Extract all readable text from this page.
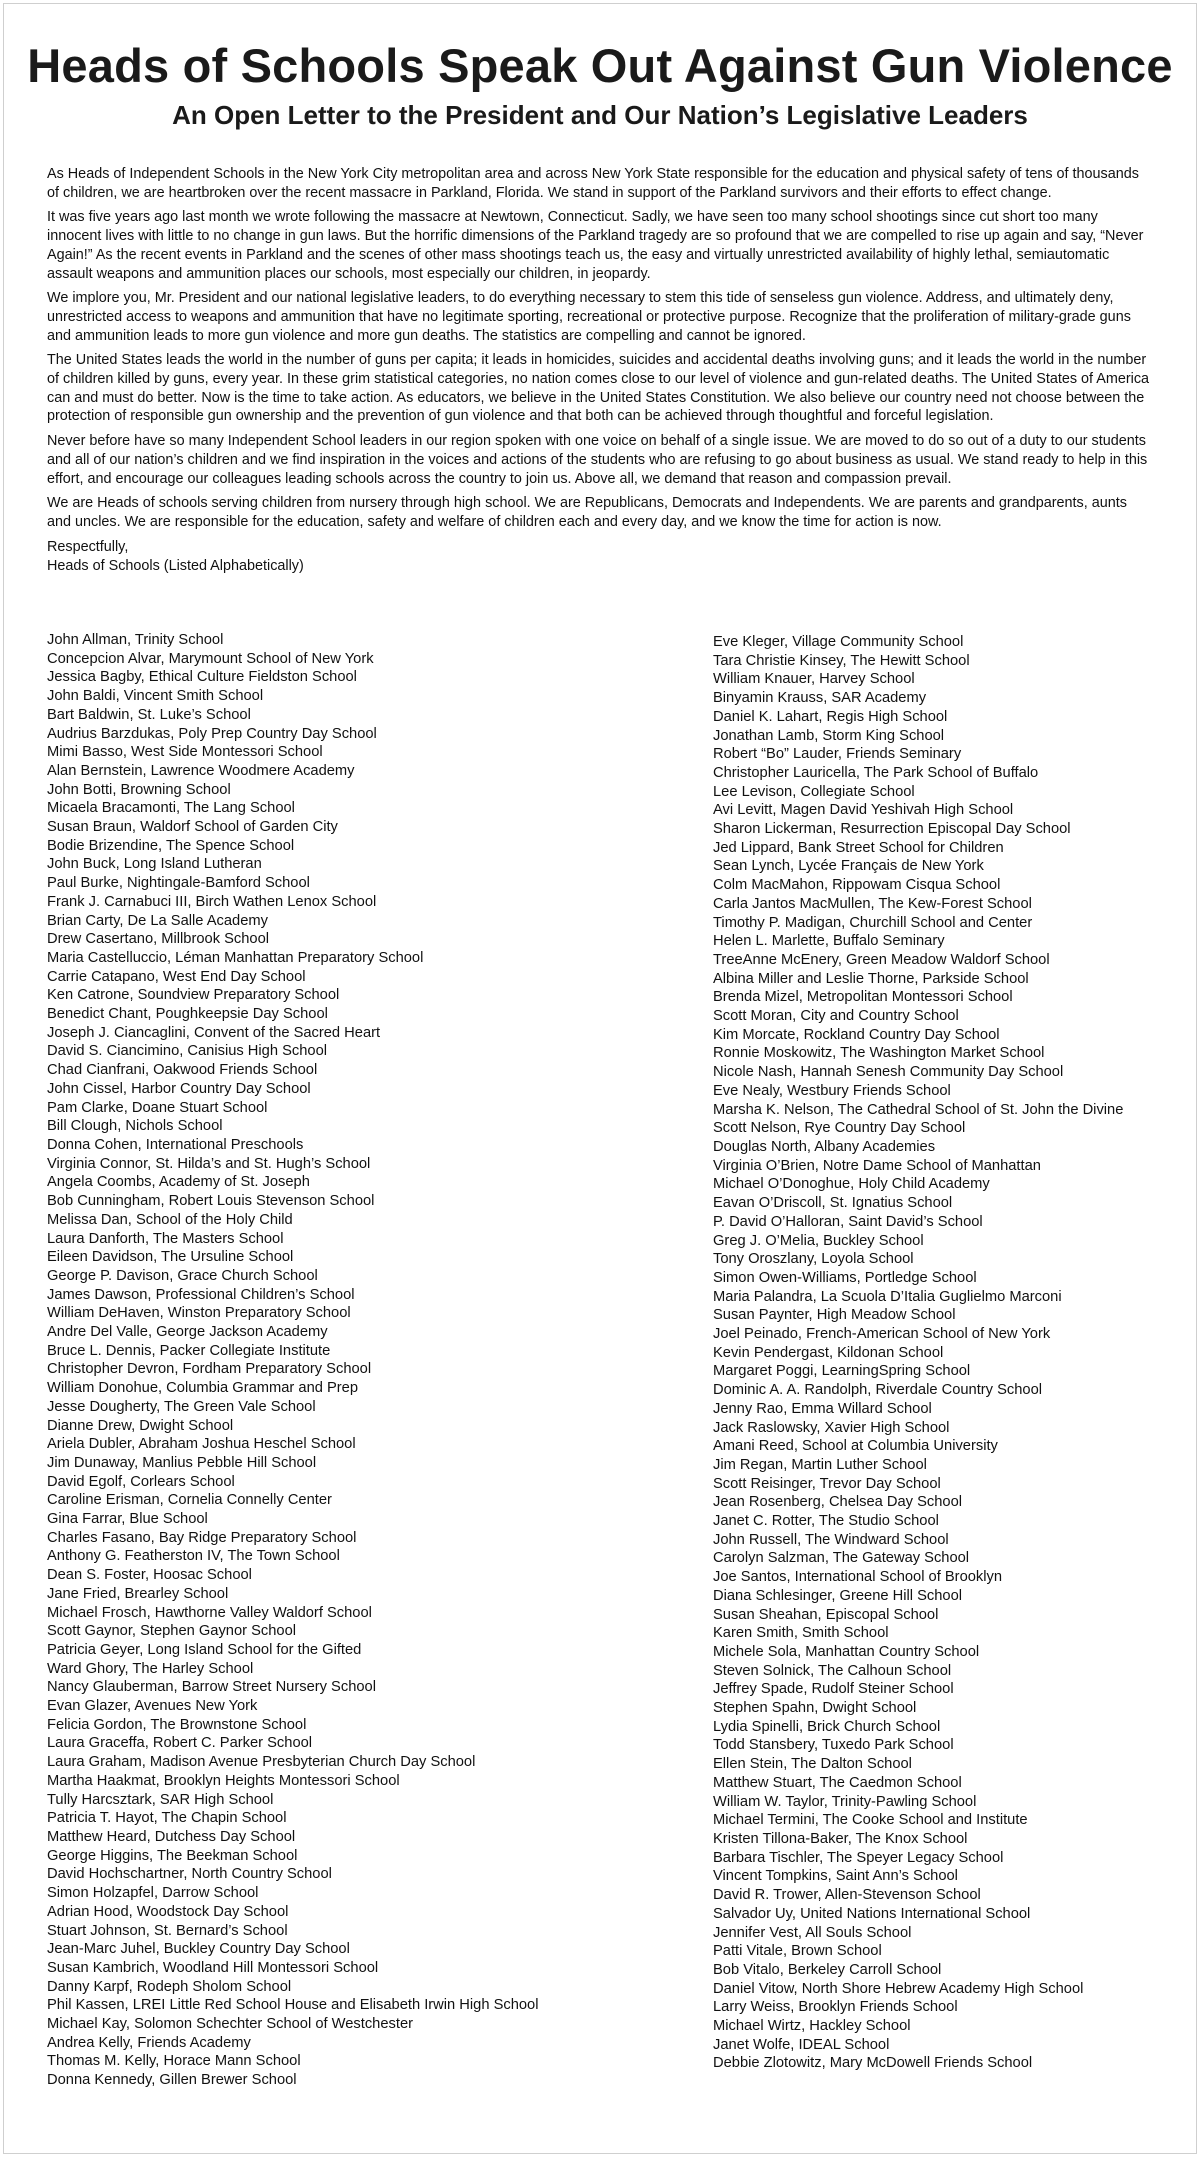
Heads of Schools Speak Out Against Gun Violence
An Open Letter to the President and Our Nation’s Legislative Leaders

As Heads of Independent Schools in the New York City metropolitan area and across New York State responsible for the education and physical safety of tens of thousands of children, we are heartbroken over the recent massacre in Parkland, Florida. We stand in support of the Parkland survivors and their efforts to effect change.

It was five years ago last month we wrote following the massacre at Newtown, Connecticut. Sadly, we have seen too many school shootings since cut short too many innocent lives with little to no change in gun laws. But the horrific dimensions of the Parkland tragedy are so profound that we are compelled to rise up again and say, “Never Again!” As the recent events in Parkland and the scenes of other mass shootings teach us, the easy and virtually unrestricted availability of highly lethal, semiautomatic assault weapons and ammunition places our schools, most especially our children, in jeopardy.

We implore you, Mr. President and our national legislative leaders, to do everything necessary to stem this tide of senseless gun violence. Address, and ultimately deny, unrestricted access to weapons and ammunition that have no legitimate sporting, recreational or protective purpose. Recognize that the proliferation of military-grade guns and ammunition leads to more gun violence and more gun deaths. The statistics are compelling and cannot be ignored.

The United States leads the world in the number of guns per capita; it leads in homicides, suicides and accidental deaths involving guns; and it leads the world in the number of children killed by guns, every year. In these grim statistical categories, no nation comes close to our level of violence and gun-related deaths. The United States of America can and must do better. Now is the time to take action. As educators, we believe in the United States Constitution. We also believe our country need not choose between the protection of responsible gun ownership and the prevention of gun violence and that both can be achieved through thoughtful and forceful legislation.

Never before have so many Independent School leaders in our region spoken with one voice on behalf of a single issue. We are moved to do so out of a duty to our students and all of our nation’s children and we find inspiration in the voices and actions of the students who are refusing to go about business as usual. We stand ready to help in this effort, and encourage our colleagues leading schools across the country to join us. Above all, we demand that reason and compassion prevail.

We are Heads of schools serving children from nursery through high school. We are Republicans, Democrats and Independents. We are parents and grandparents, aunts and uncles. We are responsible for the education, safety and welfare of children each and every day, and we know the time for action is now.

Respectfully,
Heads of Schools (Listed Alphabetically)
John Allman, Trinity School
Concepcion Alvar, Marymount School of New York
Jessica Bagby, Ethical Culture Fieldston School
John Baldi, Vincent Smith School
Bart Baldwin, St. Luke’s School
Audrius Barzdukas, Poly Prep Country Day School
Mimi Basso, West Side Montessori School
Alan Bernstein, Lawrence Woodmere Academy
John Botti, Browning School
Micaela Bracamonti, The Lang School
Susan Braun, Waldorf School of Garden City
Bodie Brizendine, The Spence School
John Buck, Long Island Lutheran
Paul Burke, Nightingale-Bamford School
Frank J. Carnabuci III, Birch Wathen Lenox School
Brian Carty, De La Salle Academy
Drew Casertano, Millbrook School
Maria Castelluccio, Léman Manhattan Preparatory School
Carrie Catapano, West End Day School
Ken Catrone, Soundview Preparatory School
Benedict Chant, Poughkeepsie Day School
Joseph J. Ciancaglini, Convent of the Sacred Heart
David S. Ciancimino, Canisius High School
Chad Cianfrani, Oakwood Friends School
John Cissel, Harbor Country Day School
Pam Clarke, Doane Stuart School
Bill Clough, Nichols School
Donna Cohen, International Preschools
Virginia Connor, St. Hilda’s and St. Hugh’s School
Angela Coombs, Academy of St. Joseph
Bob Cunningham, Robert Louis Stevenson School
Melissa Dan, School of the Holy Child
Laura Danforth, The Masters School
Eileen Davidson, The Ursuline School
George P. Davison, Grace Church School
James Dawson, Professional Children’s School
William DeHaven, Winston Preparatory School
Andre Del Valle, George Jackson Academy
Bruce L. Dennis, Packer Collegiate Institute
Christopher Devron, Fordham Preparatory School
William Donohue, Columbia Grammar and Prep
Jesse Dougherty, The Green Vale School
Dianne Drew, Dwight School
Ariela Dubler, Abraham Joshua Heschel School
Jim Dunaway, Manlius Pebble Hill School
David Egolf, Corlears School
Caroline Erisman, Cornelia Connelly Center
Gina Farrar, Blue School
Charles Fasano, Bay Ridge Preparatory School
Anthony G. Featherston IV, The Town School
Dean S. Foster, Hoosac School
Jane Fried, Brearley School
Michael Frosch, Hawthorne Valley Waldorf School
Scott Gaynor, Stephen Gaynor School
Patricia Geyer, Long Island School for the Gifted
Ward Ghory, The Harley School
Nancy Glauberman, Barrow Street Nursery School
Evan Glazer, Avenues New York
Felicia Gordon, The Brownstone School
Laura Graceffa, Robert C. Parker School
Laura Graham, Madison Avenue Presbyterian Church Day School
Martha Haakmat, Brooklyn Heights Montessori School
Tully Harcsztark, SAR High School
Patricia T. Hayot, The Chapin School
Matthew Heard, Dutchess Day School
George Higgins, The Beekman School
David Hochschartner, North Country School
Simon Holzapfel, Darrow School
Adrian Hood, Woodstock Day School
Stuart Johnson, St. Bernard’s School
Jean-Marc Juhel, Buckley Country Day School
Susan Kambrich, Woodland Hill Montessori School
Danny Karpf, Rodeph Sholom School
Phil Kassen, LREI Little Red School House and Elisabeth Irwin High School
Michael Kay, Solomon Schechter School of Westchester
Andrea Kelly, Friends Academy
Thomas M. Kelly, Horace Mann School
Donna Kennedy, Gillen Brewer School
Eve Kleger, Village Community School
Tara Christie Kinsey, The Hewitt School
William Knauer, Harvey School
Binyamin Krauss, SAR Academy
Daniel K. Lahart, Regis High School
Jonathan Lamb, Storm King School
Robert “Bo” Lauder, Friends Seminary
Christopher Lauricella, The Park School of Buffalo
Lee Levison, Collegiate School
Avi Levitt, Magen David Yeshivah High School
Sharon Lickerman, Resurrection Episcopal Day School
Jed Lippard, Bank Street School for Children
Sean Lynch, Lycée Français de New York
Colm MacMahon, Rippowam Cisqua School
Carla Jantos MacMullen, The Kew-Forest School
Timothy P. Madigan, Churchill School and Center
Helen L. Marlette, Buffalo Seminary
TreeAnne McEnery, Green Meadow Waldorf School
Albina Miller and Leslie Thorne, Parkside School
Brenda Mizel, Metropolitan Montessori School
Scott Moran, City and Country School
Kim Morcate, Rockland Country Day School
Ronnie Moskowitz, The Washington Market School
Nicole Nash, Hannah Senesh Community Day School
Eve Nealy, Westbury Friends School
Marsha K. Nelson, The Cathedral School of St. John the Divine
Scott Nelson, Rye Country Day School
Douglas North, Albany Academies
Virginia O’Brien, Notre Dame School of Manhattan
Michael O’Donoghue, Holy Child Academy
Eavan O’Driscoll, St. Ignatius School
P. David O’Halloran, Saint David’s School
Greg J. O’Melia, Buckley School
Tony Oroszlany, Loyola School
Simon Owen-Williams, Portledge School
Maria Palandra, La Scuola D’Italia Guglielmo Marconi
Susan Paynter, High Meadow School
Joel Peinado, French-American School of New York
Kevin Pendergast, Kildonan School
Margaret Poggi, LearningSpring School
Dominic A. A. Randolph, Riverdale Country School
Jenny Rao, Emma Willard School
Jack Raslowsky, Xavier High School
Amani Reed, School at Columbia University
Jim Regan, Martin Luther School
Scott Reisinger, Trevor Day School
Jean Rosenberg, Chelsea Day School
Janet C. Rotter, The Studio School
John Russell, The Windward School
Carolyn Salzman, The Gateway School
Joe Santos, International School of Brooklyn
Diana Schlesinger, Greene Hill School
Susan Sheahan, Episcopal School
Karen Smith, Smith School
Michele Sola, Manhattan Country School
Steven Solnick, The Calhoun School
Jeffrey Spade, Rudolf Steiner School
Stephen Spahn, Dwight School
Lydia Spinelli, Brick Church School
Todd Stansbery, Tuxedo Park School
Ellen Stein, The Dalton School
Matthew Stuart, The Caedmon School
William W. Taylor, Trinity-Pawling School
Michael Termini, The Cooke School and Institute
Kristen Tillona-Baker, The Knox School
Barbara Tischler, The Speyer Legacy School
Vincent Tompkins, Saint Ann’s School
David R. Trower, Allen-Stevenson School
Salvador Uy, United Nations International School
Jennifer Vest, All Souls School
Patti Vitale, Brown School
Bob Vitalo, Berkeley Carroll School
Daniel Vitow, North Shore Hebrew Academy High School
Larry Weiss, Brooklyn Friends School
Michael Wirtz, Hackley School
Janet Wolfe, IDEAL School
Debbie Zlotowitz, Mary McDowell Friends School
